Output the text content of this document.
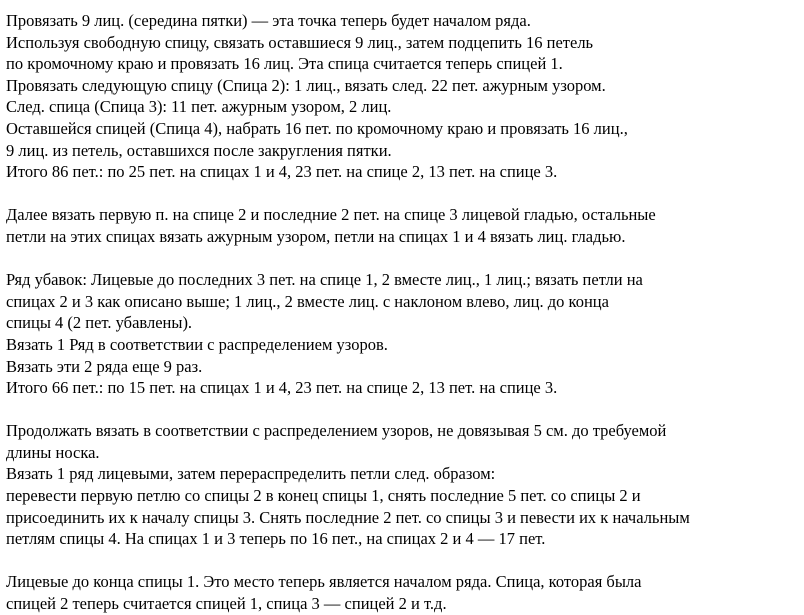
Провязать 9 лиц. (середина пятки) — эта точка теперь будет началом ряда.
Используя свободную спицу, связать оставшиеся 9 лиц., затем подцепить 16 петель
по кромочному краю и провязать 16 лиц. Эта спица считается теперь спицей 1.
Провязать следующую спицу (Спица 2): 1 лиц., вязать след. 22 пет. ажурным узором.
След. спица (Спица 3): 11 пет. ажурным узором, 2 лиц.
Оставшейся спицей (Спица 4), набрать 16 пет. по кромочному краю и провязать 16 лиц.,
9 лиц. из петель, оставшихся после закругления пятки.
Итого 86 пет.: по 25 пет. на спицах 1 и 4, 23 пет. на спице 2, 13 пет. на спице 3.
Далее вязать первую п. на спице 2 и последние 2 пет. на спице 3 лицевой гладью, остальные
петли на этих спицах вязать ажурным узором, петли на спицах 1 и 4 вязать лиц. гладью.
Ряд убавок: Лицевые до последних 3 пет. на спице 1, 2 вместе лиц., 1 лиц.; вязать петли на
спицах 2 и 3 как описано выше; 1 лиц., 2 вместе лиц. с наклоном влево, лиц. до конца
спицы 4 (2 пет. убавлены).
Вязать 1 Ряд в соответствии с распределением узоров.
Вязать эти 2 ряда еще 9 раз.
Итого 66 пет.: по 15 пет. на спицах 1 и 4, 23 пет. на спице 2, 13 пет. на спице 3.
Продолжать вязать в соответствии с распределением узоров, не довязывая 5 см. до требуемой
длины носка.
Вязать 1 ряд лицевыми, затем перераспределить петли след. образом:
перевести первую петлю со спицы 2 в конец спицы 1, снять последние 5 пет. со спицы 2 и
присоединить их к началу спицы 3. Снять последние 2 пет. со спицы 3 и певести их к начальным
петлям спицы 4. На спицах 1 и 3 теперь по 16 пет., на спицах 2 и 4 — 17 пет.
Лицевые до конца спицы 1. Это место теперь является началом ряда. Спица, которая была
спицей 2 теперь считается спицей 1, спица 3 — спицей 2 и т.д.
